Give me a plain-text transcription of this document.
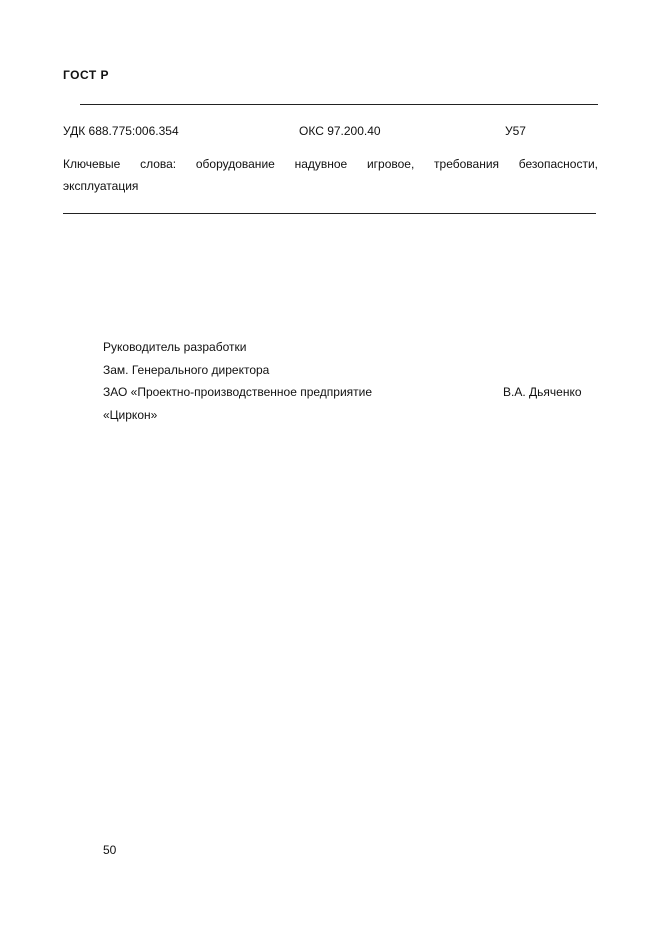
ГОСТ Р
УДК 688.775:006.354	ОКС 97.200.40	У57
Ключевые слова: оборудование надувное игровое, требования безопасности,
эксплуатация
Руководитель разработки
Зам. Генерального директора
ЗАО «Проектно-производственное предприятие	В.А. Дьяченко
«Циркон»
50
